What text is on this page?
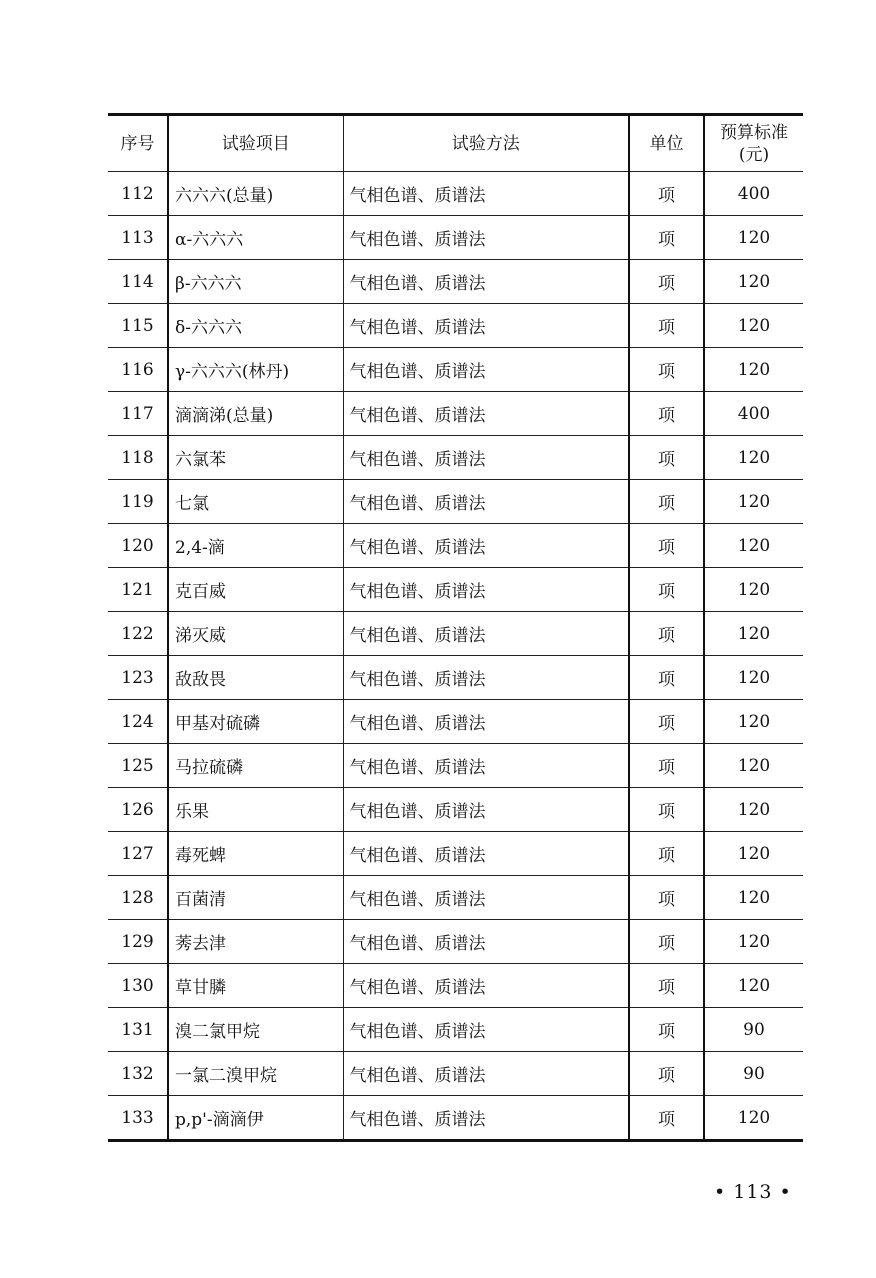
序号	试验项目	试验方法	单位	预算标准
(元)

112	六六六(总量)	气相色谱、质谱法	项	400
113	α-六六六	气相色谱、质谱法	项	120
114	β-六六六	气相色谱、质谱法	项	120
115	δ-六六六	气相色谱、质谱法	项	120
116	γ-六六六(林丹)	气相色谱、质谱法	项	120
117	滴滴涕(总量)	气相色谱、质谱法	项	400
118	六氯苯	气相色谱、质谱法	项	120
119	七氯	气相色谱、质谱法	项	120
120	2,4-滴	气相色谱、质谱法	项	120
121	克百威	气相色谱、质谱法	项	120
122	涕灭威	气相色谱、质谱法	项	120
123	敌敌畏	气相色谱、质谱法	项	120
124	甲基对硫磷	气相色谱、质谱法	项	120
125	马拉硫磷	气相色谱、质谱法	项	120
126	乐果	气相色谱、质谱法	项	120
127	毒死蜱	气相色谱、质谱法	项	120
128	百菌清	气相色谱、质谱法	项	120
129	莠去津	气相色谱、质谱法	项	120
130	草甘膦	气相色谱、质谱法	项	120
131	溴二氯甲烷	气相色谱、质谱法	项	90
132	一氯二溴甲烷	气相色谱、质谱法	项	90
133	p,p'-滴滴伊	气相色谱、质谱法	项	120
• 113 •
